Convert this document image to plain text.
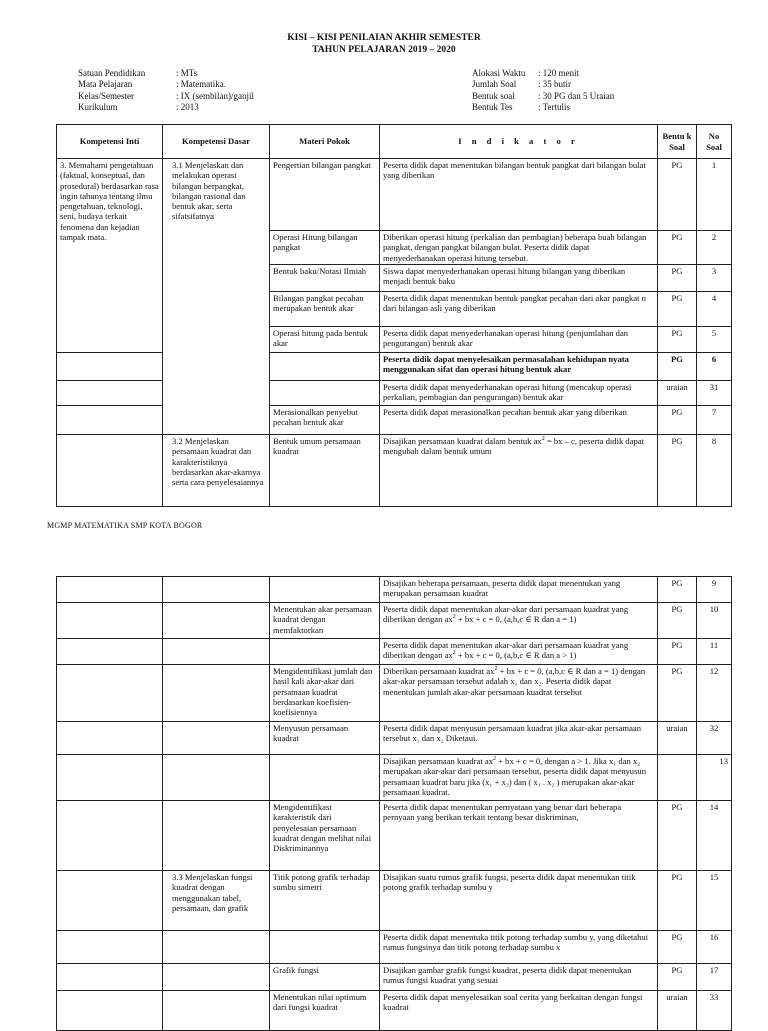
KISI – KISI PENILAIAN AKHIR SEMESTER
TAHUN PELAJARAN 2019 – 2020
Satuan Pendidikan	: MTs
Mata Pelajaran	: Matematika.
Kelas/Semester	: IX (sembilan)/ganjil
Kurikulum	: 2013
Alokasi Waktu	: 120 menit
Jumlah Soal	: 35 butir
Bentuk soal	: 30 PG dan 5 Uraian
Bentuk Tes	: Tertulis
Kompetensi Inti	Kompetensi Dasar	Materi Pokok	I n d i k a t o r	Bentu k Soal	No Soal
3. Memahami pengetahuan (faktual, konseptual, dan prosedural) berdasarkan rasa ingin tahunya tentang ilmu pengetahuan, teknologi, seni, budaya terkait fenomena dan kejadian tampak mata.	3.1 Menjelaskan dan melakukan operasi bilangan berpangkat, bilangan rasional dan bentuk akar, serta sifatsifatnya	Pengertian bilangan pangkat	Peserta didik dapat menentukan bilangan bentuk pangkat dari bilangan bulat yang diberikan	PG	1
		Operasi Hitung bilangan pangkat	Diberikan operasi hitung (perkalian dan pembagian) beberapa buah bilangan pangkat, dengan pangkat bilangan bulat. Peserta didik dapat menyederhanakan operasi hitung tersebut.	PG	2
		Bentuk baku/Notasi Ilmiah	Siswa dapat menyederhanakan operasi hitung bilangan yang diberikan menjadi bentuk baku	PG	3
		Bilangan pangkat pecahan merupakan bentuk akar	Peserta didik dapat menentukan bentuk pangkat pecahan dari akar pangkat n dari bilangan asli yang diberikan	PG	4
		Operasi hitung pada bentuk akar	Peserta didik dapat menyederhanakan operasi hitung (penjumlahan dan pengurangan) bentuk akar	PG	5
			Peserta didik dapat menyelesaikan permasalahan kehidupan nyata menggunakan sifat dan operasi hitung bentuk akar	PG	6
			Peserta didik dapat menyederhanakan operasi hitung (mencakup operasi perkalian, pembagian dan pengurangan) bentuk akar	uraian	31
		Merasionalkan penyebut pecahan bentuk akar	Peserta didik dapat merasionalkan pecahan bentuk akar yang diberikan	PG	7
	3.2 Menjelaskan persamaan kuadrat dan karakteristiknya berdasarkan akar-akarnya serta cara penyelesaiannya	Bentuk umum persamaan kuadrat	Disajikan persamaan kuadrat dalam bentuk $ax^2$ = bx – c, peserta didik dapat mengubah dalam bentuk umum	PG	8
MGMP MATEMATIKA SMP KOTA BOGOR
			Disajikan beberapa persamaan, peserta didik dapat menentukan yang merupakan persamaan kuadrat	PG	9
		Menentukan akar persamaan kuadrat dengan memfaktorkan	Peserta didik dapat menentukan akar-akar dari persamaan kuadrat yang diberikan dengan $ax^2$ + bx + c = 0, (a,b,c ∈ R dan a = 1)	PG	10
			Peserta didik dapat menentukan akar-akar dari persamaan kuadrat yang diberikan dengan $ax^2$ + bx + c = 0, (a,b,c ∈ R dan a > 1)	PG	11
		Mengidentifikasi jumlah dan hasil kali akar-akar dari persamaan kuadrat berdasarkan koefisien-koefisiennya	Diberikan persamaan kuadrat $ax^2$ + bx + c = 0, (a,b,c ∈ R dan a = 1) dengan akar-akar persamaan tersebut adalah x₁ dan x₂. Peserta didik dapat menentukan jumlah akar-akar persamaan kuadrat tersebut	PG	12
		Menyusun persamaan kuadrat	Peserta didik dapat menyusun persamaan kuadrat jika akar-akar persamaan tersebut x₁ dan x₂ Diketaui.	uraian	32
			Disajikan persamaan kuadrat $ax^2$ + bx + c = 0, dengan a > 1. Jika x₁ dan x₂ merupakan akar-akar dari persamaan tersebut, peserta didik dapat menyusun persamaan kuadrat baru jika (x₁ + x₂) dan ( x₁ . x₂ ) merupakan akar-akar persamaan kuadrat.		13
		Mengidentifikasi karakteristik dari penyelesaian persamaan kuadrat dengan melihat nilai Diskriminannya	Peserta didik dapat menentukan pernyataan yang benar dari beberapa pernyaan yang berikan terkait tentang besar diskriminan,	PG	14
	3.3 Menjelaskan fungsi kuadrat dengan menggunakan tabel, persamaan, dan grafik	Titik potong grafik terhadap sumbu simetri	Disajikan suatu rumus grafik fungsi, peserta didik dapat menentukan titik potong grafik terhadap sumbu y	PG	15
			Peserta didik dapat menentuka titik potong terhadap sumbu y, yang diketahui rumus fungsinya dan titik potong terhadap sumbu x	PG	16
		Grafik fungsi	Disajikan gambar grafik fungsi kuadrat, peserta didik dapat menentukan rumus fungsi kuadrat yang sesuai	PG	17
		Menentukan nilai optimum dari fungsi kuadrat	Peserta didik dapat menyelesaikan soal cerita yang berkaitan dengan fungsi kuadrat	uraian	33
